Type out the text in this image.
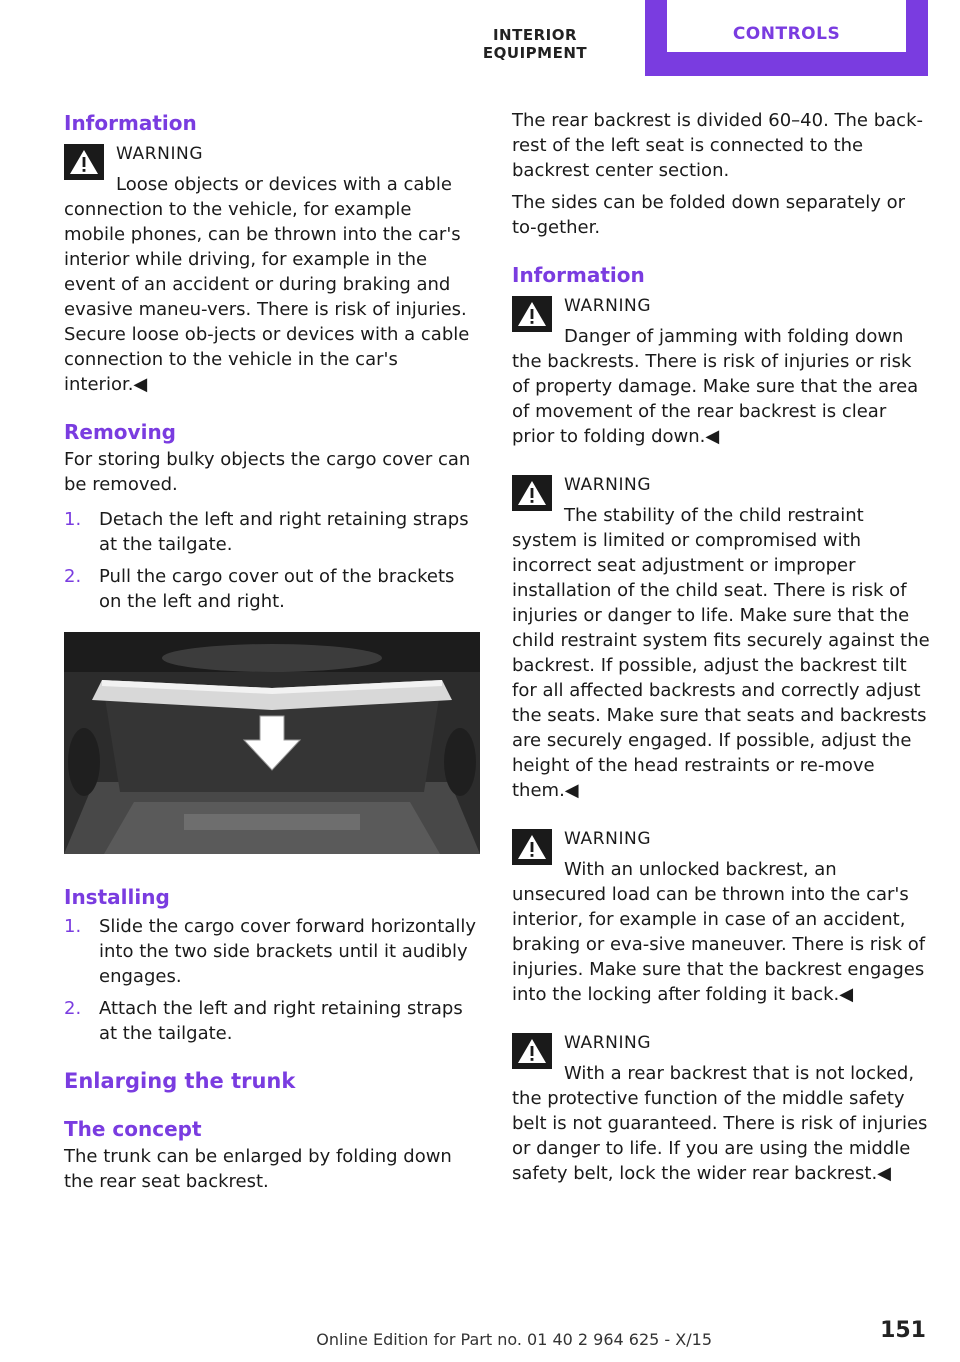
INTERIOR EQUIPMENT
CONTROLS

Information

WARNING

Loose objects or devices with a cable connection to the vehicle, for example mobile phones, can be thrown into the car's interior while driving, for example in the event of an accident or during braking and evasive maneu‐vers. There is risk of injuries. Secure loose ob‐jects or devices with a cable connection to the vehicle in the car's interior.◀

Removing

For storing bulky objects the cargo cover can be removed.

1. Detach the left and right retaining straps at the tailgate.
2. Pull the cargo cover out of the brackets on the left and right.

Installing

1. Slide the cargo cover forward horizontally into the two side brackets until it audibly engages.
2. Attach the left and right retaining straps at the tailgate.

Enlarging the trunk

The concept

The trunk can be enlarged by folding down the rear seat backrest.

The rear backrest is divided 60–40. The back‐rest of the left seat is connected to the backrest center section.

The sides can be folded down separately or to‐gether.

Information

WARNING

Danger of jamming with folding down the backrests. There is risk of injuries or risk of property damage. Make sure that the area of movement of the rear backrest is clear prior to folding down.◀

WARNING

The stability of the child restraint system is limited or compromised with incorrect seat adjustment or improper installation of the child seat. There is risk of injuries or danger to life. Make sure that the child restraint system fits securely against the backrest. If possible, adjust the backrest tilt for all affected backrests and correctly adjust the seats. Make sure that seats and backrests are securely engaged. If possible, adjust the height of the head restraints or re‐move them.◀

WARNING

With an unlocked backrest, an unsecured load can be thrown into the car's interior, for example in case of an accident, braking or eva‐sive maneuver. There is risk of injuries. Make sure that the backrest engages into the locking after folding it back.◀

WARNING

With a rear backrest that is not locked, the protective function of the middle safety belt is not guaranteed. There is risk of injuries or danger to life. If you are using the middle safety belt, lock the wider rear backrest.◀

Online Edition for Part no. 01 40 2 964 625 - X/15	151
